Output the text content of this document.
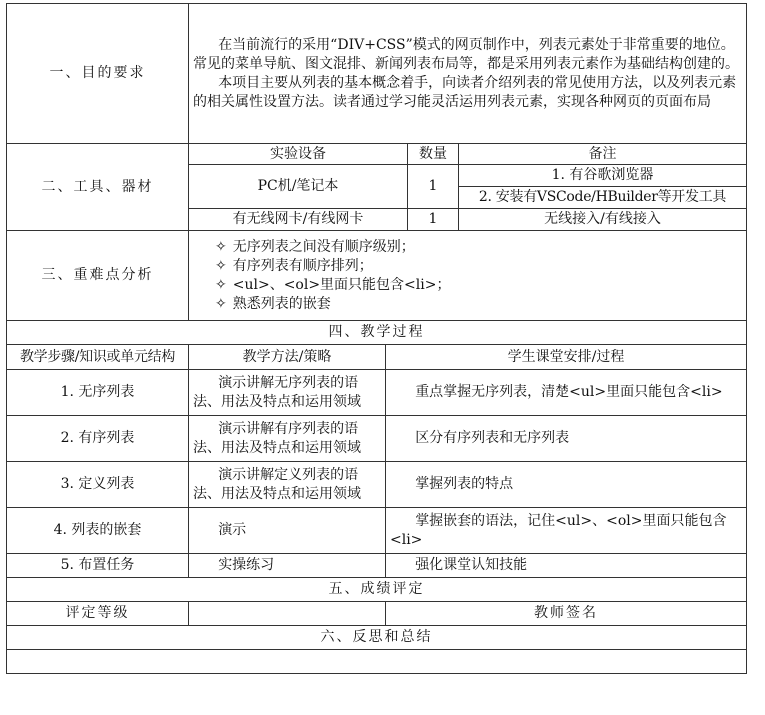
一、目的要求	在当前流行的采用“DIV+CSS”模式的网页制作中，列表元素处于非常重要的地位。常见的菜单导航、图文混排、新闻列表布局等，都是采用列表元素作为基础结构创建的。

本项目主要从列表的基本概念着手，向读者介绍列表的常见使用方法，以及列表元素的相关属性设置方法。读者通过学习能灵活运用列表元素，实现各种网页的页面布局			

二、工具、器材	实验设备		数量	备注
	PC机/笔记本		1	1. 有谷歌浏览器
				2. 安装有VSCode/HBuilder等开发工具
	有无线网卡/有线网卡		1	无线接入/有线接入
三、重难点分析	✧ 无序列表之间没有顺序级别；
✧ 有序列表有顺序排列；
✧ <ul>、<ol>里面只能包含<li>；
✧ 熟悉列表的嵌套			

四、教学过程				
教学步骤/知识或单元结构	教学方法/策略	学生课堂安排/过程		
1. 无序列表	演示讲解无序列表的语法、用法及特点和运用领域	重点掌握无序列表，清楚<ul>里面只能包含<li>		
2. 有序列表	演示讲解有序列表的语法、用法及特点和运用领域	区分有序列表和无序列表		
3. 定义列表	演示讲解定义列表的语法、用法及特点和运用领域	掌握列表的特点		
4. 列表的嵌套	演示	掌握嵌套的语法，记住<ul>、<ol>里面只能包含<li>		
5. 布置任务	实操练习	强化课堂认知技能		
五、成绩评定				
评定等级		教师签名		
六、反思和总结				
